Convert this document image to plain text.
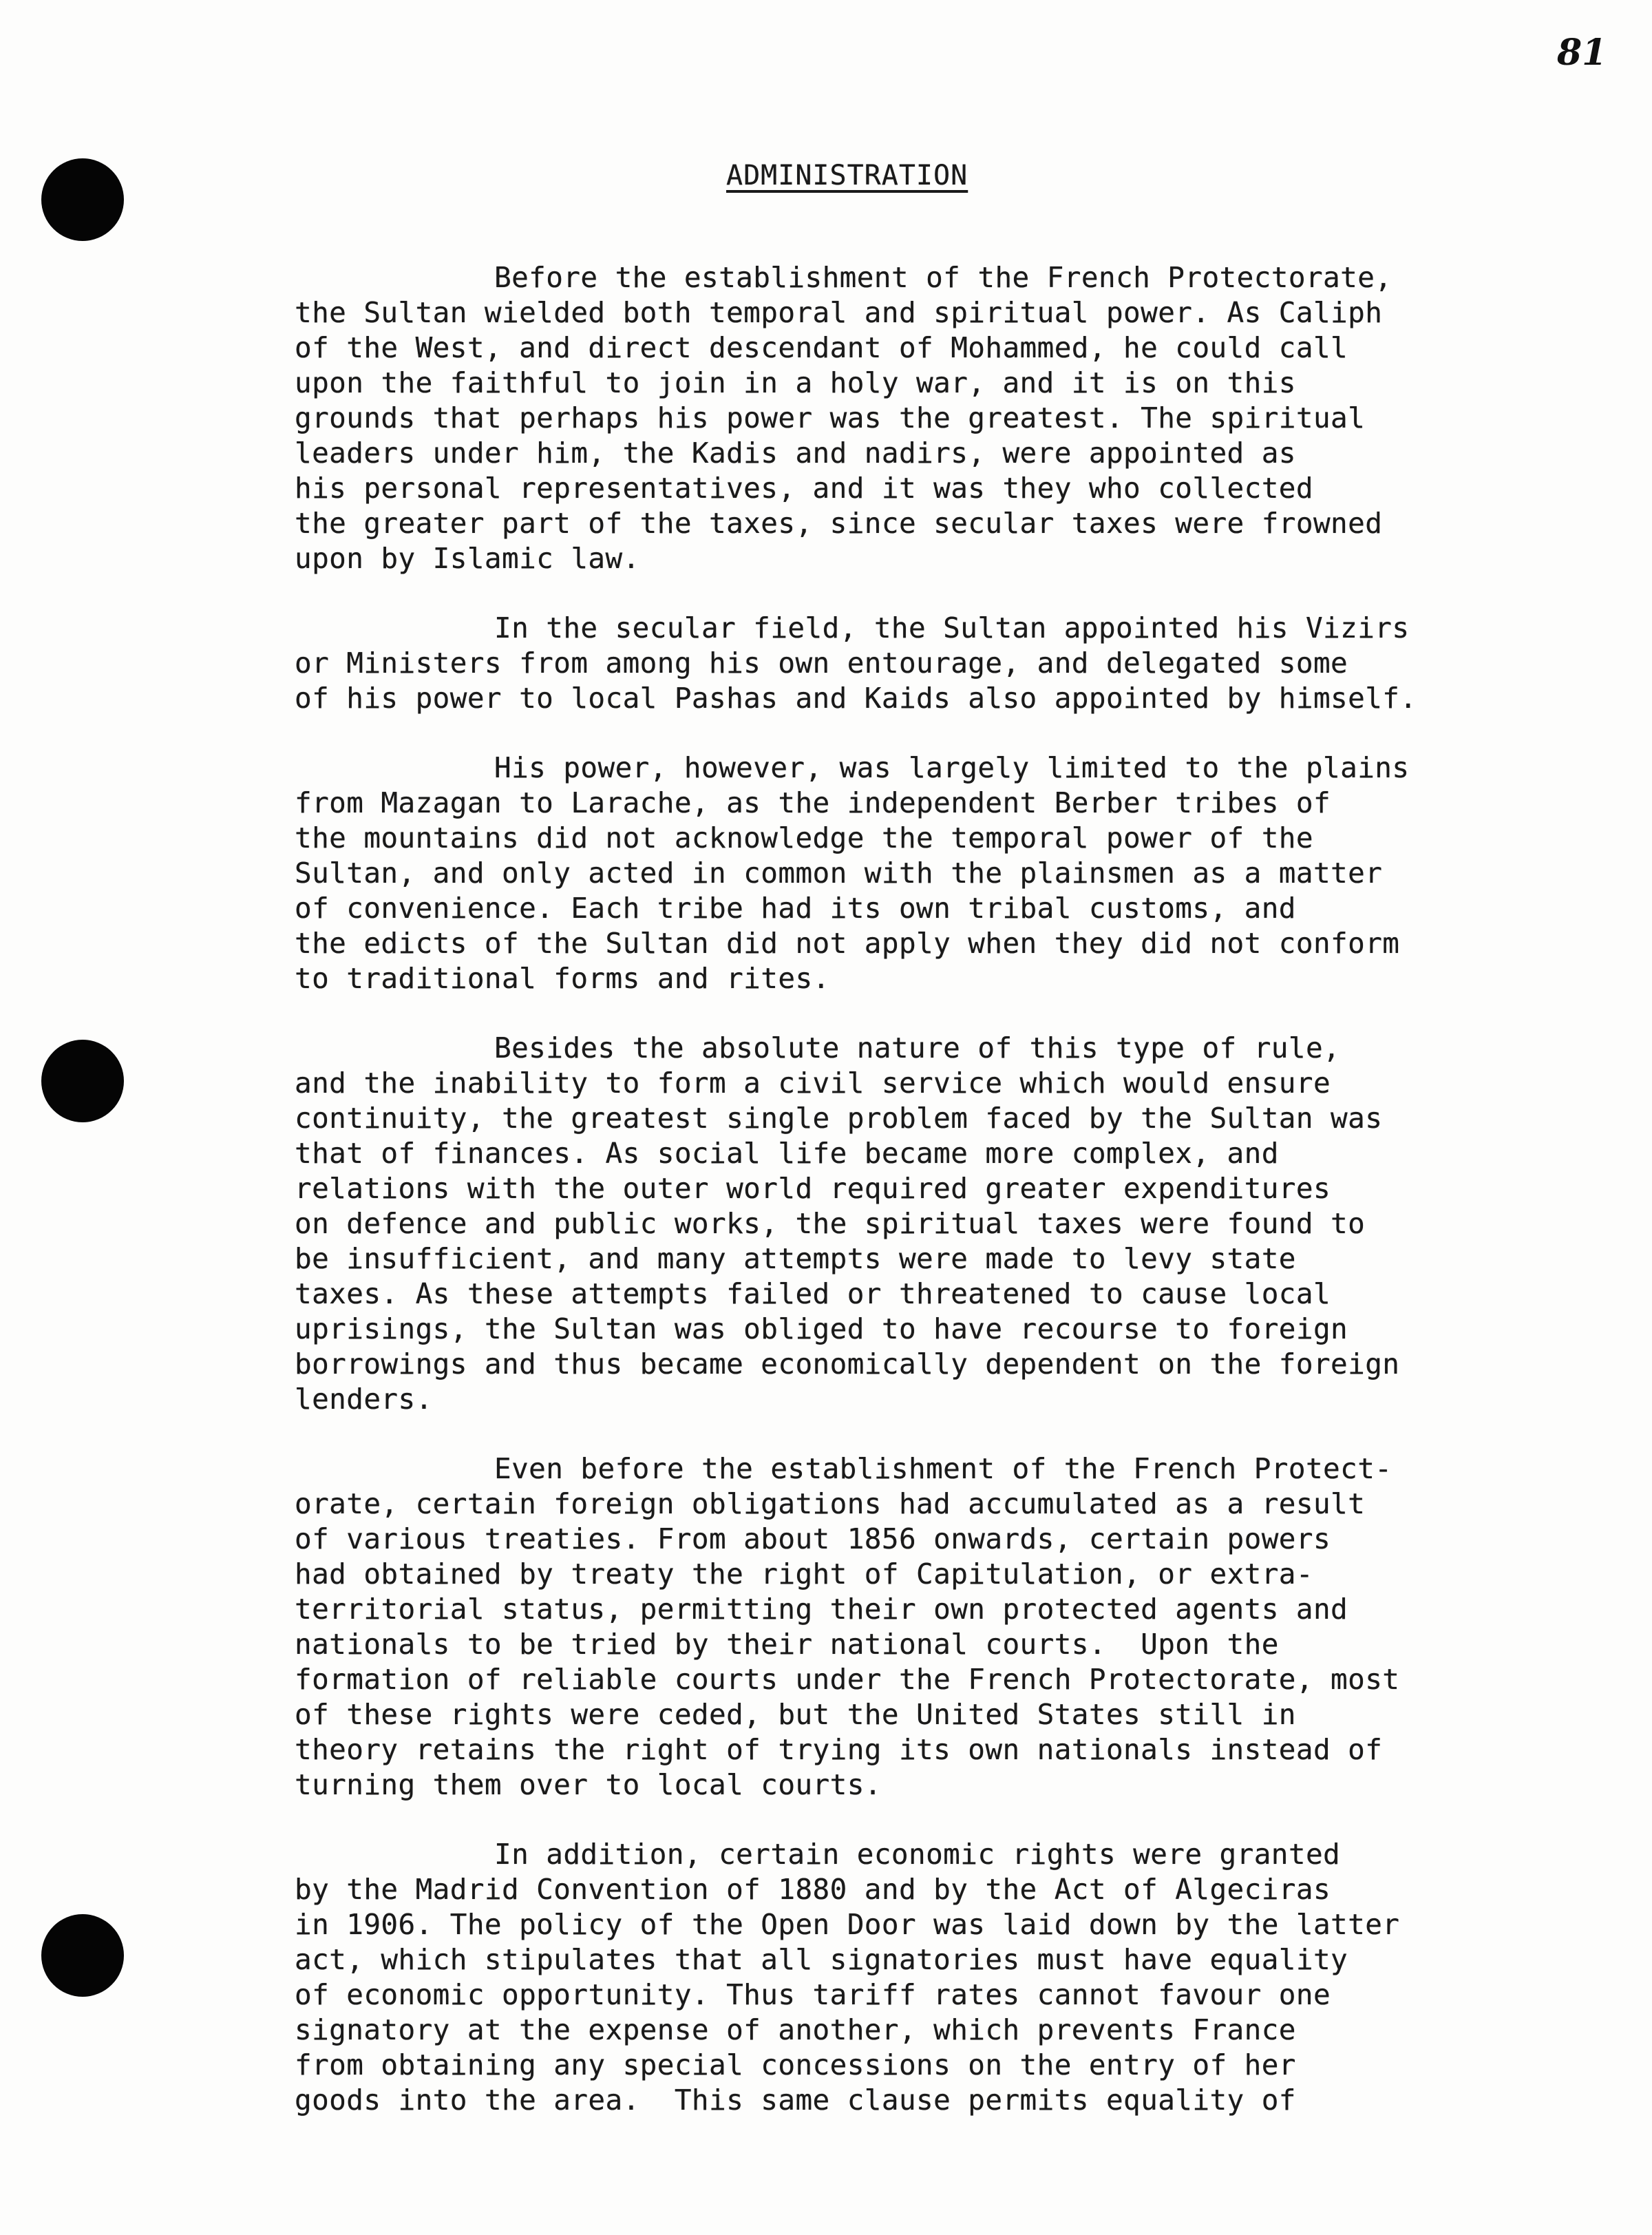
81
ADMINISTRATION
Before the establishment of the French Protectorate,
the Sultan wielded both temporal and spiritual power. As Caliph
of the West, and direct descendant of Mohammed, he could call
upon the faithful to join in a holy war, and it is on this
grounds that perhaps his power was the greatest. The spiritual
leaders under him, the Kadis and nadirs, were appointed as
his personal representatives, and it was they who collected
the greater part of the taxes, since secular taxes were frowned
upon by Islamic law.
In the secular field, the Sultan appointed his Vizirs
or Ministers from among his own entourage, and delegated some
of his power to local Pashas and Kaids also appointed by himself.
His power, however, was largely limited to the plains
from Mazagan to Larache, as the independent Berber tribes of
the mountains did not acknowledge the temporal power of the
Sultan, and only acted in common with the plainsmen as a matter
of convenience. Each tribe had its own tribal customs, and
the edicts of the Sultan did not apply when they did not conform
to traditional forms and rites.
Besides the absolute nature of this type of rule,
and the inability to form a civil service which would ensure
continuity, the greatest single problem faced by the Sultan was
that of finances. As social life became more complex, and
relations with the outer world required greater expenditures
on defence and public works, the spiritual taxes were found to
be insufficient, and many attempts were made to levy state
taxes. As these attempts failed or threatened to cause local
uprisings, the Sultan was obliged to have recourse to foreign
borrowings and thus became economically dependent on the foreign
lenders.
Even before the establishment of the French Protect-
orate, certain foreign obligations had accumulated as a result
of various treaties. From about 1856 onwards, certain powers
had obtained by treaty the right of Capitulation, or extra-
territorial status, permitting their own protected agents and
nationals to be tried by their national courts.  Upon the
formation of reliable courts under the French Protectorate, most
of these rights were ceded, but the United States still in
theory retains the right of trying its own nationals instead of
turning them over to local courts.
In addition, certain economic rights were granted
by the Madrid Convention of 1880 and by the Act of Algeciras
in 1906. The policy of the Open Door was laid down by the latter
act, which stipulates that all signatories must have equality
of economic opportunity. Thus tariff rates cannot favour one
signatory at the expense of another, which prevents France
from obtaining any special concessions on the entry of her
goods into the area.  This same clause permits equality of
